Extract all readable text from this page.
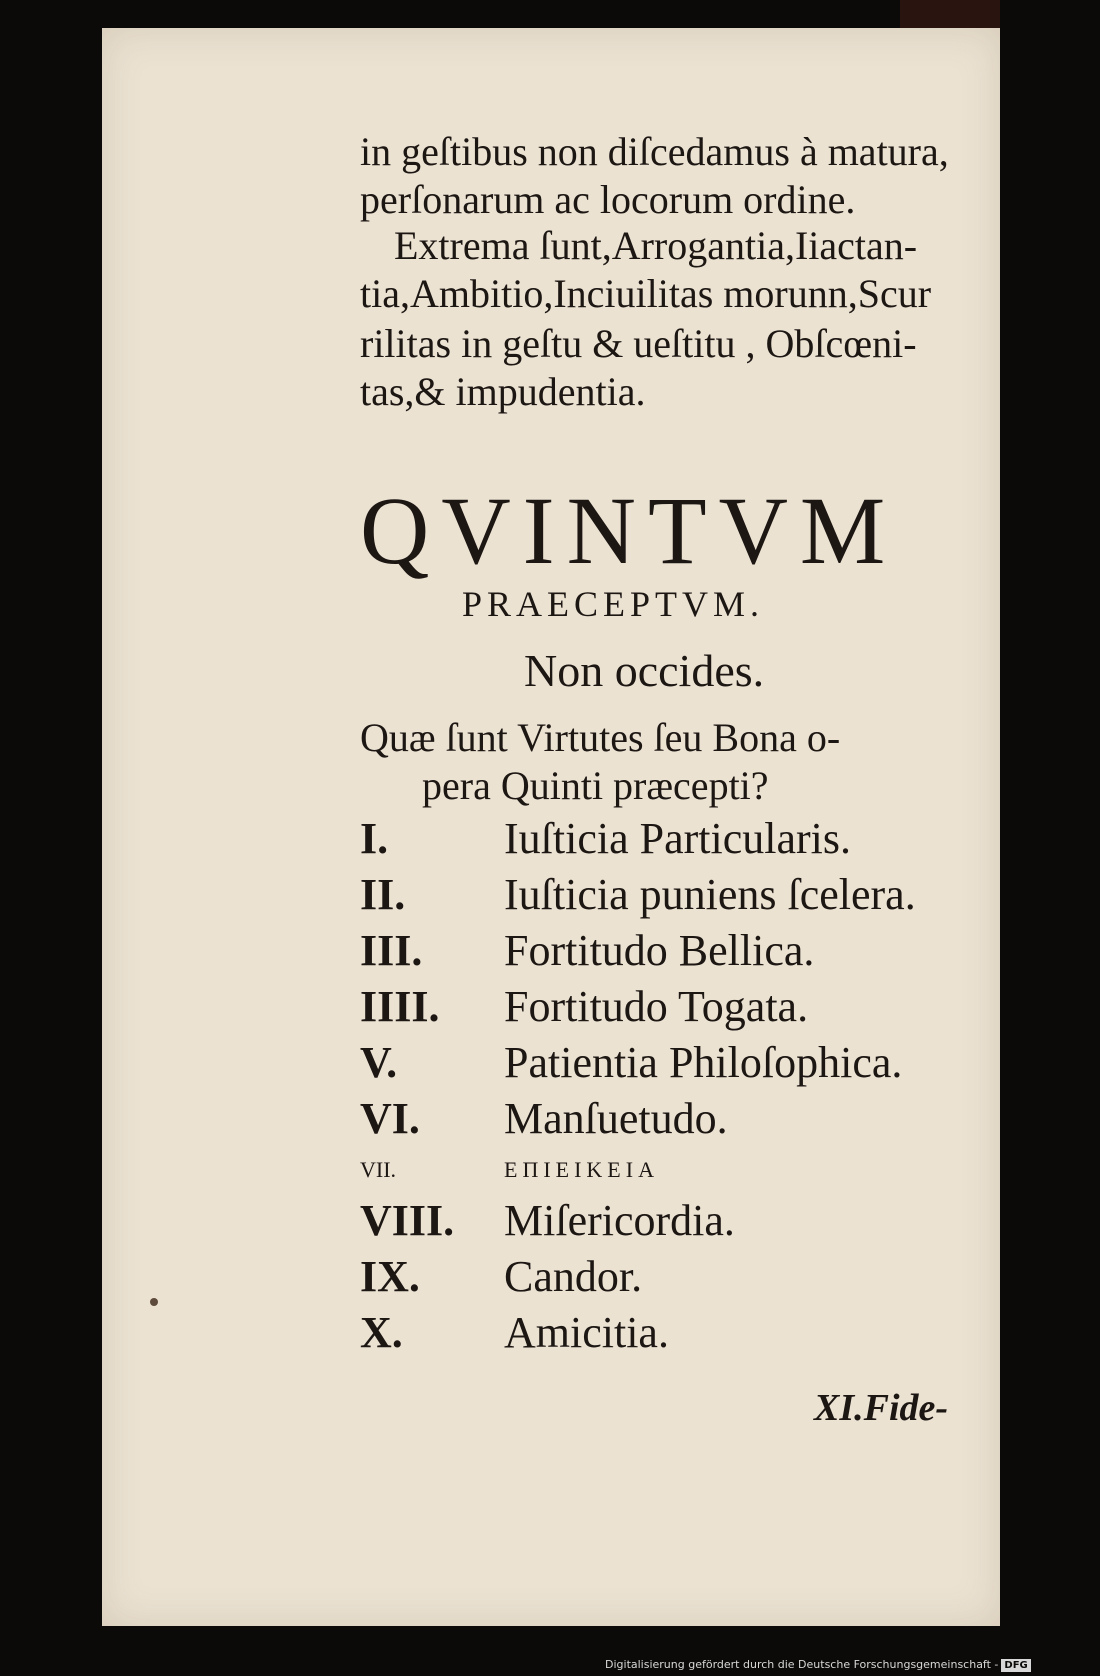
in geſtibus non diſcedamus à matura,
perſonarum ac locorum ordine.
Extrema ſunt,Arrogantia,Iiactan-
tia,Ambitio,Inciuilitas morunn,Scur
rilitas in geſtu & ueſtitu , Obſcœni-
tas,& impudentia.
QVINTVM
PRAECEPTVM.
Non occides.
Quæ ſunt Virtutes ſeu Bona o-
pera Quinti præcepti?
I.	Iuſticia Particularis.
II. Iuſticia puniens ſcelera.
III. Fortitudo Bellica.
IIII. Fortitudo Togata.
V. Patientia Philoſophica.
VI. Manſuetudo.
VII.	ΕΠΙΕΙΚΕΙΑ
VIII. Miſericordia.
IX. Candor.
X. Amicitia.
XI.Fide-
Digitalisierung gefördert durch die Deutsche Forschungsgemeinschaft - DFG
